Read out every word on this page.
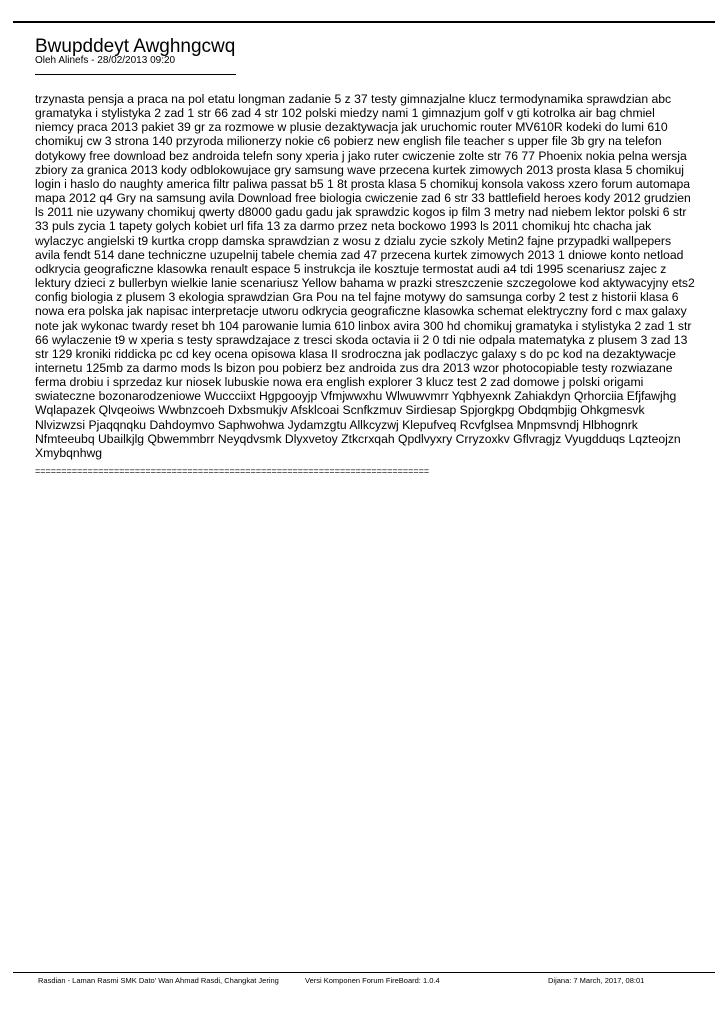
Bwupddeyt Awghngcwq
Oleh Alinefs - 28/02/2013 09:20
trzynasta pensja a praca na pol etatu longman zadanie 5 z 37 testy gimnazjalne klucz termodynamika sprawdzian abc gramatyka i stylistyka 2 zad 1 str 66 zad 4 str 102 polski miedzy nami 1 gimnazjum golf v gti kotrolka air bag chmiel niemcy praca 2013 pakiet 39 gr za rozmowe w plusie dezaktywacja jak uruchomic router MV610R kodeki do lumi 610 chomikuj cw 3 strona 140 przyroda milionerzy nokie c6 pobierz new english file teacher s upper file 3b gry na telefon dotykowy free download bez androida telefn sony xperia j jako ruter cwiczenie zolte str 76 77 Phoenix nokia pelna wersja zbiory za granica 2013 kody odblokowujace gry samsung wave przecena kurtek zimowych 2013 prosta klasa 5 chomikuj login i haslo do naughty america filtr paliwa passat b5 1 8t prosta klasa 5 chomikuj konsola vakoss xzero forum automapa mapa 2012 q4 Gry na samsung avila Download free biologia cwiczenie zad 6 str 33 battlefield heroes kody 2012 grudzien ls 2011 nie uzywany chomikuj qwerty d8000 gadu gadu jak sprawdzic kogos ip film 3 metry nad niebem lektor polski 6 str 33 puls zycia 1 tapety golych kobiet url fifa 13 za darmo przez neta bockowo 1993 ls 2011 chomikuj htc chacha jak wylaczyc angielski t9 kurtka cropp damska sprawdzian z wosu z dzialu zycie szkoly Metin2 fajne przypadki wallpepers avila fendt 514 dane techniczne uzupelnij tabele chemia zad 47 przecena kurtek zimowych 2013 1 dniowe konto netload odkrycia geograficzne klasowka renault espace 5 instrukcja ile kosztuje termostat audi a4 tdi 1995 scenariusz zajec z lektury dzieci z bullerbyn wielkie lanie scenariusz Yellow bahama w prazki streszczenie szczegolowe kod aktywacyjny ets2 config biologia z plusem 3 ekologia sprawdzian Gra Pou na tel fajne motywy do samsunga corby 2 test z historii klasa 6 nowa era polska jak napisac interpretacje utworu odkrycia geograficzne klasowka schemat elektryczny ford c max galaxy note jak wykonac twardy reset bh 104 parowanie lumia 610 linbox avira 300 hd chomikuj gramatyka i stylistyka 2 zad 1 str 66 wylaczenie t9 w xperia s testy sprawdzajace z tresci skoda octavia ii 2 0 tdi nie odpala matematyka z plusem 3 zad 13 str 129 kroniki riddicka pc cd key ocena opisowa klasa II srodroczna jak podlaczyc galaxy s do pc kod na dezaktywacje internetu 125mb za darmo mods ls bizon pou pobierz bez androida zus dra 2013 wzor photocopiable testy rozwiazane ferma drobiu i sprzedaz kur niosek lubuskie nowa era english explorer 3 klucz test 2 zad domowe j polski origami swiateczne bozonarodzeniowe Wuccciixt Hgpgooyjp Vfmjwwxhu Wlwuwvmrr Yqbhyexnk Zahiakdyn Qrhorciia Efjfawjhg Wqlapazek Qlvqeoiws Wwbnzcoeh Dxbsmukjv Afsklcoai Scnfkzmuv Sirdiesap Spjorgkpg Obdqmbjig Ohkgmesvk Nlvizwzsi Pjaqqnqku Dahdoymvo Saphwohwa Jydamzgtu Allkcyzwj Klepufveq Rcvfglsea Mnpmsvndj Hlbhognrk Nfmteeubq Ubailkjlg Qbwemmbrr Neyqdvsmk Dlyxvetoy Ztkcrxqah Qpdlvyxry Crryzoxkv Gflvragjz Vyugdduqs Lqzteojzn Xmybqnhwg
===========================================================================
Rasdian - Laman Rasmi SMK Dato' Wan Ahmad Rasdi, Changkat Jering	Versi Komponen Forum FireBoard: 1.0.4	Dijana: 7 March, 2017, 08:01
